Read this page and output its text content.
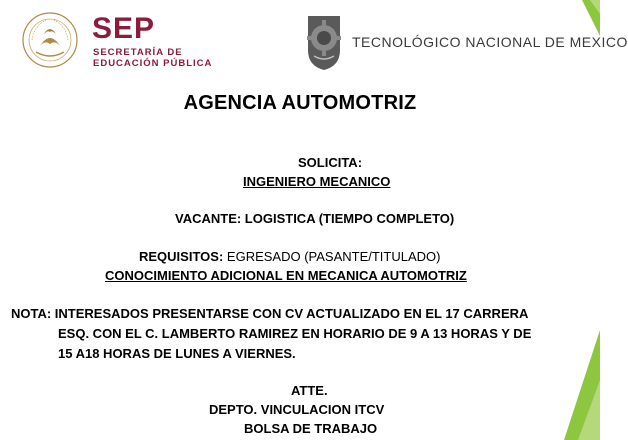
SEP
SECRETARÍA DE
EDUCACIÓN PÚBLICA
TECNOLÓGICO NACIONAL DE MEXICO
AGENCIA AUTOMOTRIZ
SOLICITA:
INGENIERO MECANICO
VACANTE: LOGISTICA (TIEMPO COMPLETO)
REQUISITOS: EGRESADO (PASANTE/TITULADO)
CONOCIMIENTO ADICIONAL EN MECANICA AUTOMOTRIZ
NOTA: INTERESADOS PRESENTARSE CON CV ACTUALIZADO EN EL 17 CARRERA
ESQ. CON EL C. LAMBERTO RAMIREZ EN HORARIO DE 9 A 13 HORAS Y DE
15 A18 HORAS DE LUNES A VIERNES.
ATTE.
DEPTO. VINCULACION ITCV
BOLSA DE TRABAJO
